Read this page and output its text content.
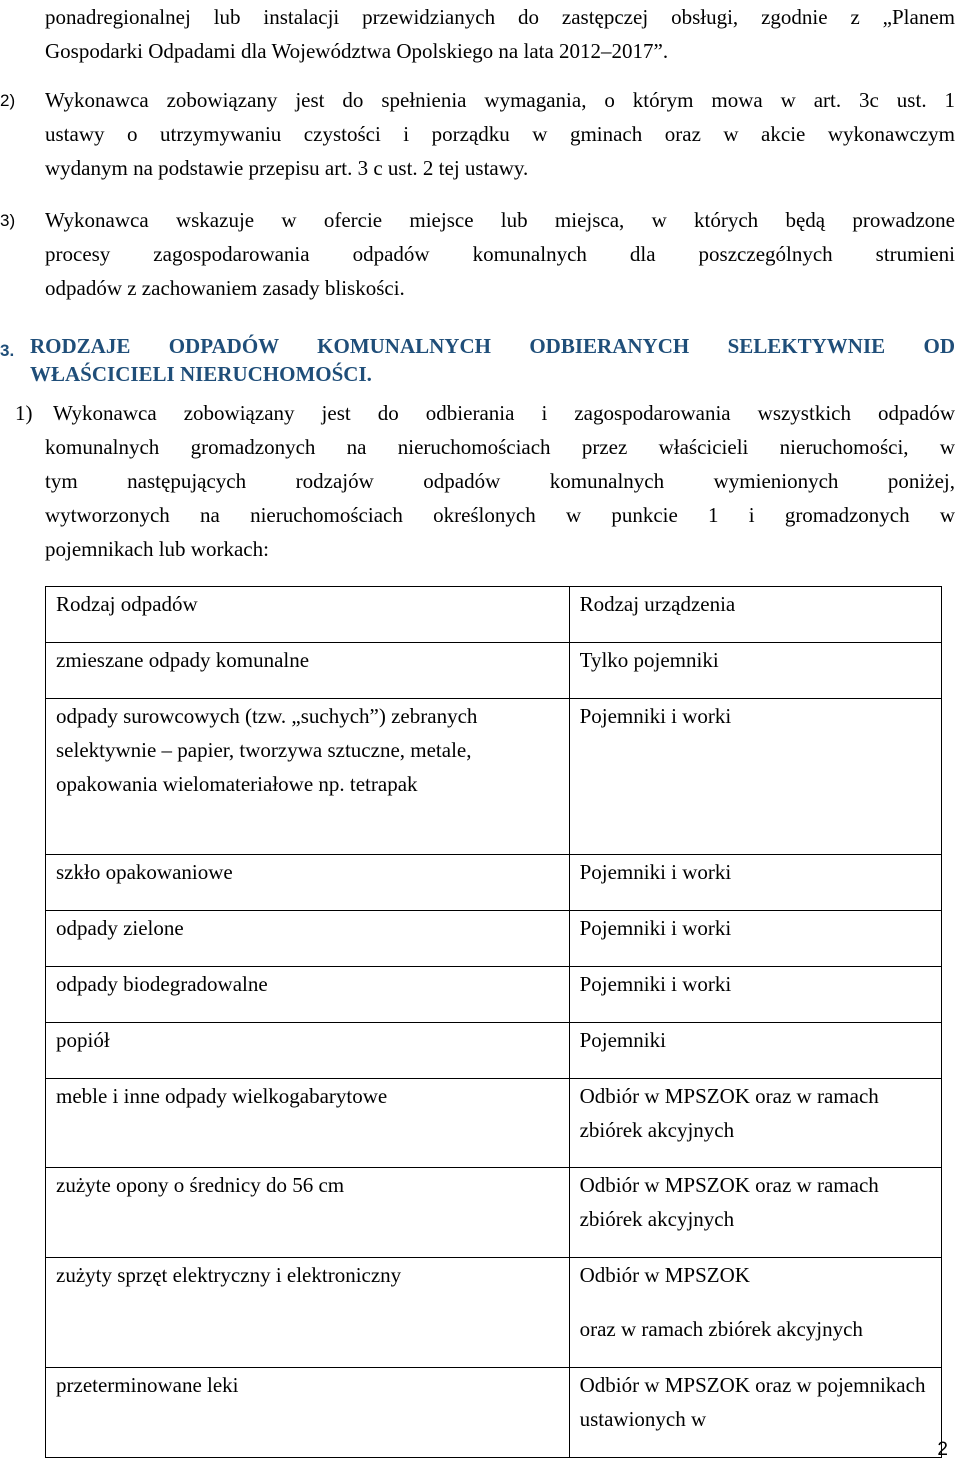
ponadregionalnej lub instalacji przewidzianych do zastępczej obsługi, zgodnie z „Planem
Gospodarki Odpadami dla Województwa Opolskiego na lata 2012–2017”.
2) Wykonawca zobowiązany jest do spełnienia wymagania, o którym mowa w art. 3c ust. 1
ustawy o utrzymywaniu czystości i porządku w gminach oraz w akcie wykonawczym
wydanym na podstawie przepisu art. 3 c ust. 2 tej ustawy.
3) Wykonawca wskazuje w ofercie miejsce lub miejsca, w których będą prowadzone
procesy zagospodarowania odpadów komunalnych dla poszczególnych strumieni
odpadów z zachowaniem zasady bliskości.
3. RODZAJE ODPADÓW KOMUNALNYCH ODBIERANYCH SELEKTYWNIE OD
WŁAŚCICIELI NIERUCHOMOŚCI.
1) Wykonawca zobowiązany jest do odbierania i zagospodarowania wszystkich odpadów
komunalnych gromadzonych na nieruchomościach przez właścicieli nieruchomości, w
tym następujących rodzajów odpadów komunalnych wymienionych poniżej,
wytworzonych na nieruchomościach określonych w punkcie 1 i gromadzonych w
pojemnikach lub workach:
Rodzaj odpadów	Rodzaj urządzenia
zmieszane odpady komunalne	Tylko pojemniki
odpady surowcowych (tzw. „suchych”) zebranych selektywnie – papier, tworzywa sztuczne, metale, opakowania wielomateriałowe np. tetrapak	Pojemniki i worki
szkło opakowaniowe	Pojemniki i worki
odpady zielone	Pojemniki i worki
odpady biodegradowalne	Pojemniki i worki
popiół	Pojemniki
meble i inne odpady wielkogabarytowe	Odbiór w MPSZOK oraz w ramach zbiórek akcyjnych
zużyte opony o średnicy do 56 cm	Odbiór w MPSZOK oraz w ramach zbiórek akcyjnych
zużyty sprzęt elektryczny i elektroniczny	Odbiór w MPSZOK
oraz w ramach zbiórek akcyjnych

przeterminowane leki	Odbiór w MPSZOK oraz w pojemnikach ustawionych w
2
